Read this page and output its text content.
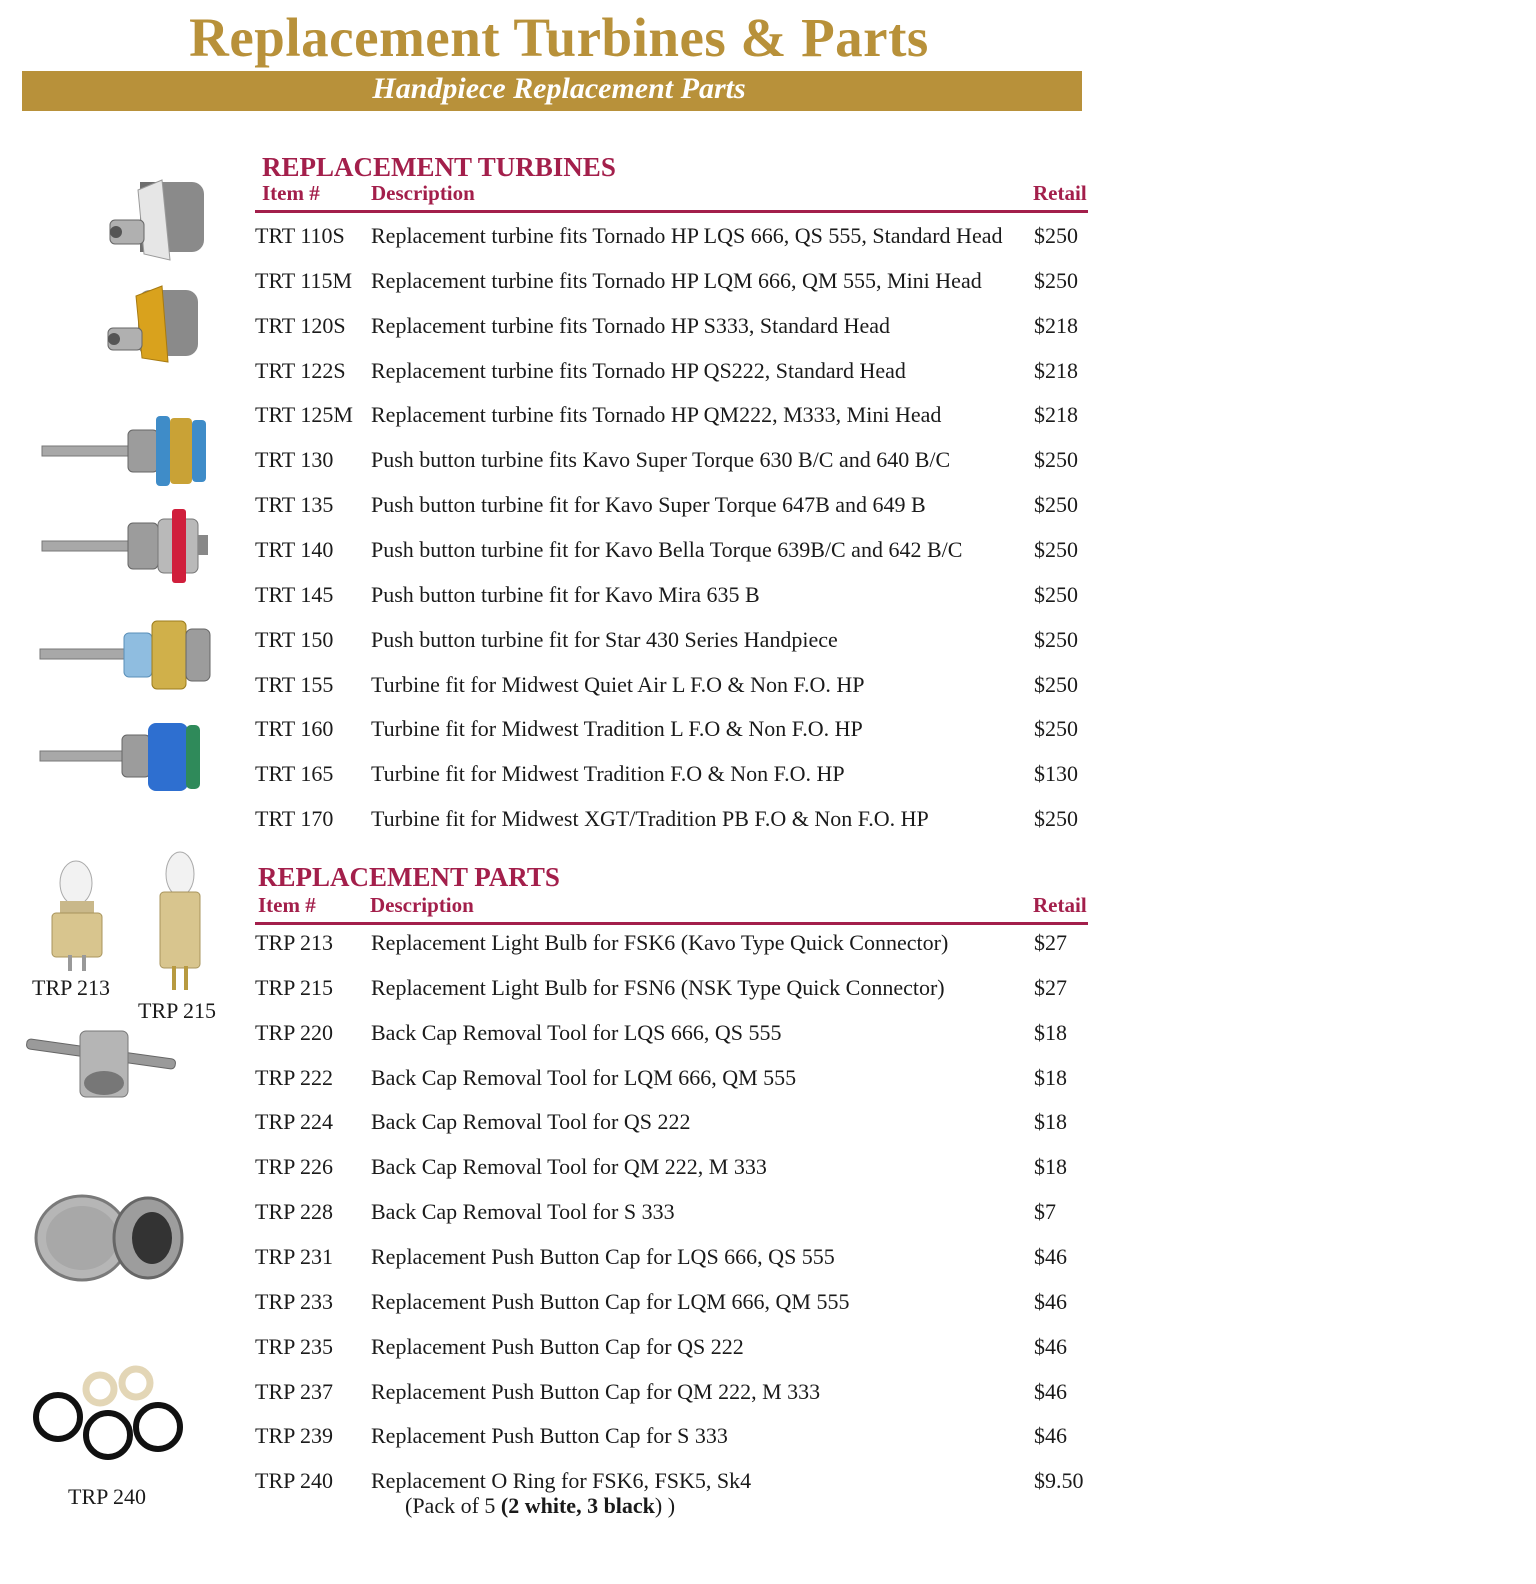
Replacement Turbines & Parts
Handpiece Replacement Parts
REPLACEMENT TURBINES
Item # Description	Retail
TRT 110S Replacement turbine fits Tornado HP LQS 666, QS 555, Standard Head $250
TRT 115M Replacement turbine fits Tornado HP LQM 666, QM 555, Mini Head $250
TRT 120S Replacement turbine fits Tornado HP S333, Standard Head	$218
TRT 122S Replacement turbine fits Tornado HP QS222, Standard Head	$218
TRT 125M Replacement turbine fits Tornado HP QM222, M333, Mini Head	$218
TRT 130 Push button turbine fits Kavo Super Torque 630 B/C and 640 B/C	$250
TRT 135 Push button turbine fit for Kavo Super Torque 647B and 649 B	$250
TRT 140 Push button turbine fit for Kavo Bella Torque 639B/C and 642 B/C	$250
TRT 145 Push button turbine fit for Kavo Mira 635 B	$250
TRT 150 Push button turbine fit for Star 430 Series Handpiece	$250
TRT 155 Turbine fit for Midwest Quiet Air L F.O & Non F.O. HP	$250
TRT 160 Turbine fit for Midwest Tradition L F.O & Non F.O. HP	$250
TRT 165 Turbine fit for Midwest Tradition F.O & Non F.O. HP	$130
TRT 170 Turbine fit for Midwest XGT/Tradition PB F.O & Non F.O. HP	$250
REPLACEMENT PARTS
Item #	Description	Retail
TRP 213 Replacement Light Bulb for FSK6 (Kavo Type Quick Connector)	$27
TRP 215 Replacement Light Bulb for FSN6 (NSK Type Quick Connector)	$27
TRP 220 Back Cap Removal Tool for LQS 666, QS 555	$18
TRP 222 Back Cap Removal Tool for LQM 666, QM 555	$18
TRP 224 Back Cap Removal Tool for QS 222	$18
TRP 226 Back Cap Removal Tool for QM 222, M 333	$18
TRP 228 Back Cap Removal Tool for S 333	$7
TRP 231 Replacement Push Button Cap for LQS 666, QS 555	$46
TRP 233 Replacement Push Button Cap for LQM 666, QM 555	$46
TRP 235 Replacement Push Button Cap for QS 222	$46
TRP 237 Replacement Push Button Cap for QM 222, M 333	$46
TRP 239 Replacement Push Button Cap for S 333	$46
TRP 240 Replacement O Ring for FSK6, FSK5, Sk4	$9.50
(Pack of 5 (2 white, 3 black) )
TRP 213
TRP 215
TRP 240
